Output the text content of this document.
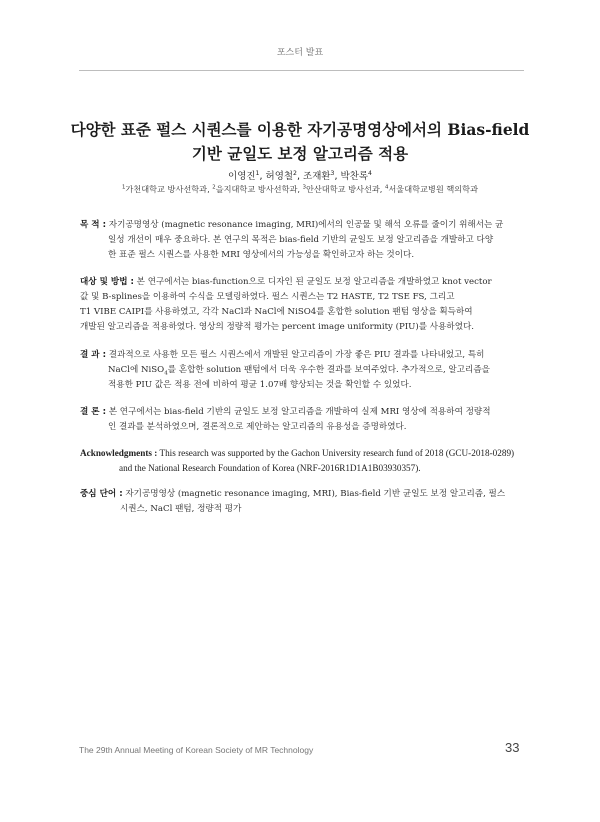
포스터 발표
다양한 표준 펄스 시퀀스를 이용한 자기공명영상에서의 Bias-field
기반 균일도 보정 알고리즘 적용
이영진$^1$, 허영철$^2$, 조재환$^3$, 박찬록$^4$
$^1$가천대학교 방사선학과, $^2$을지대학교 방사선학과, $^3$안산대학교 방사선과, $^4$서울대학교병원 핵의학과
목 적 : 자기공명영상 (magnetic resonance imaging, MRI)에서의 인공물 및 해석 오류를 줄이기 위해서는 균
일성 개선이 매우 중요하다. 본 연구의 목적은 bias-field 기반의 균일도 보정 알고리즘을 개발하고 다양
한 표준 펄스 시퀀스를 사용한 MRI 영상에서의 가능성을 확인하고자 하는 것이다.
대상 및 방법 : 본 연구에서는 bias-function으로 디자인 된 균일도 보정 알고리즘을 개발하였고 knot vector
값 및 B-splines을 이용하여 수식을 모델링하였다. 펄스 시퀀스는 T2 HASTE, T2 TSE FS, 그리고
T1 VIBE CAIPI를 사용하였고, 각각 NaCl과 NaCl에 NiSO4를 혼합한 solution 팬텀 영상을 획득하여
개발된 알고리즘을 적용하였다. 영상의 정량적 평가는 percent image uniformity (PIU)를 사용하였다.
결 과 : 결과적으로 사용한 모든 펄스 시퀀스에서 개발된 알고리즘이 가장 좋은 PIU 결과를 나타내었고, 특히
NaCl에 NiSO$_4$를 혼합한 solution 팬텀에서 더욱 우수한 결과를 보여주었다. 추가적으로, 알고리즘을
적용한 PIU 값은 적용 전에 비하여 평균 1.07배 향상되는 것을 확인할 수 있었다.
결 론 : 본 연구에서는 bias-field 기반의 균일도 보정 알고리즘을 개발하여 실제 MRI 영상에 적용하여 정량적
인 결과를 분석하였으며, 결론적으로 제안하는 알고리즘의 유용성을 증명하였다.
Acknowledgments : This research was supported by the Gachon University research fund of 2018 (GCU-2018-0289)
and the National Research Foundation of Korea (NRF-2016R1D1A1B03930357).
중심 단어 : 자기공명영상 (magnetic resonance imaging, MRI), Bias-field 기반 균일도 보정 알고리즘, 펄스
시퀀스, NaCl 팬텀, 정량적 평가
The 29th Annual Meeting of Korean Society of MR Technology	33
